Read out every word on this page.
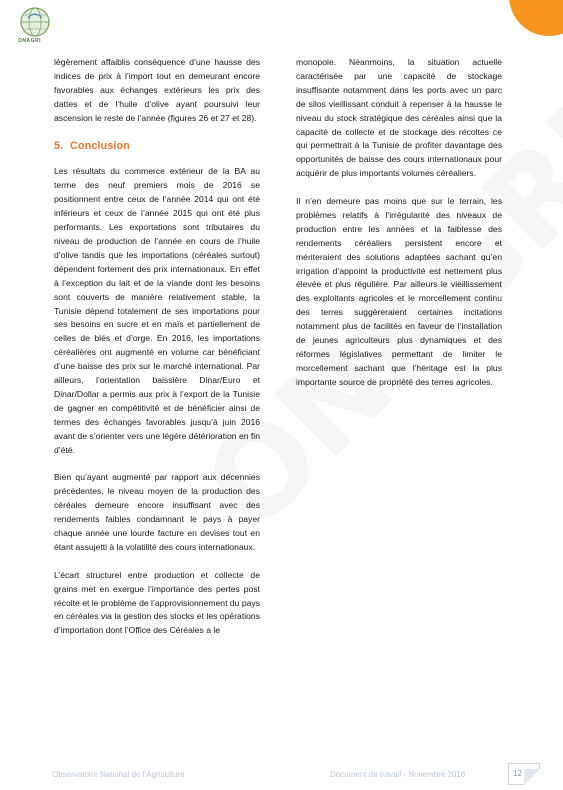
ONAGRI

légèrement affaiblis conséquence d’une hausse des indices de prix à l’import tout en demeurant encore favorables aux échanges extérieurs les prix des dattes et de l’huile d’olive ayant poursuivi leur ascension le reste de l’année (figures 26 et 27 et 28).

5. Conclusion

Les résultats du commerce extérieur de la BA au terme des neuf premiers mois de 2016 se positionnent entre ceux de l’année 2014 qui ont été inférieurs et ceux de l’année 2015 qui ont été plus performants. Les exportations sont tributaires du niveau de production de l’année en cours de l’huile d’olive tandis que les importations (céréales surtout) dépendent fortement des prix internationaux. En effet à l’exception du lait et de la viande dont les besoins sont couverts de manière relativement stable, la Tunisie dépend totalement de ses importations pour ses besoins en sucre et en maïs et partiellement de celles de blés et d’orge. En 2016, les importations céréalières ont augmenté en volume car bénéficiant d’une baisse des prix sur le marché international. Par ailleurs, l’orientation baissière Dinar/Euro et Dinar/Dollar a permis aux prix à l’export de la Tunisie de gagner en compétitivité et de bénéficier ainsi de termes des échanges favorables jusqu’à juin 2016 avant de s’orienter vers une légère détérioration en fin d’été.

Bien qu’ayant augmenté par rapport aux décennies précédentes, le niveau moyen de la production des céréales demeure encore insuffisant avec des rendements faibles condamnant le pays à payer chaque année une lourde facture en devises tout en étant assujetti à la volatilité des cours internationaux.

L’écart structurel entre production et collecte de grains met en exergue l’importance des pertes post récolte et le problème de l’approvisionnement du pays en céréales via la gestion des stocks et les opérations d’importation dont l’Office des Céréales a le

monopole. Néanmoins, la situation actuelle caractérisée par une capacité de stockage insuffisante notamment dans les ports avec un parc de silos vieillissant conduit à repenser à la hausse le niveau du stock stratégique des céréales ainsi que la capacité de collecte et de stockage des récoltes ce qui permettrait à la Tunisie de profiter davantage des opportunités de baisse des cours internationaux pour acquérir de plus importants volumes céréaliers.

Il n’en demeure pas moins que sur le terrain, les problèmes relatifs à l’irrégularité des niveaux de production entre les années et la faiblesse des rendements céréaliers persistent encore et mériteraient des solutions adaptées sachant qu’en irrigation d’appoint la productivité est nettement plus élevée et plus régulière. Par ailleurs le vieillissement des exploitants agricoles et le morcellement continu des terres suggèreraient certaines incitations notamment plus de facilités en faveur de l’installation de jeunes agriculteurs plus dynamiques et des réformes législatives permettant de limiter le morcellement sachant que l’héritage est la plus importante source de propriété des terres agricoles.

Observatoire National de l’Agriculture	Document de travail - Novembre 2016	12
